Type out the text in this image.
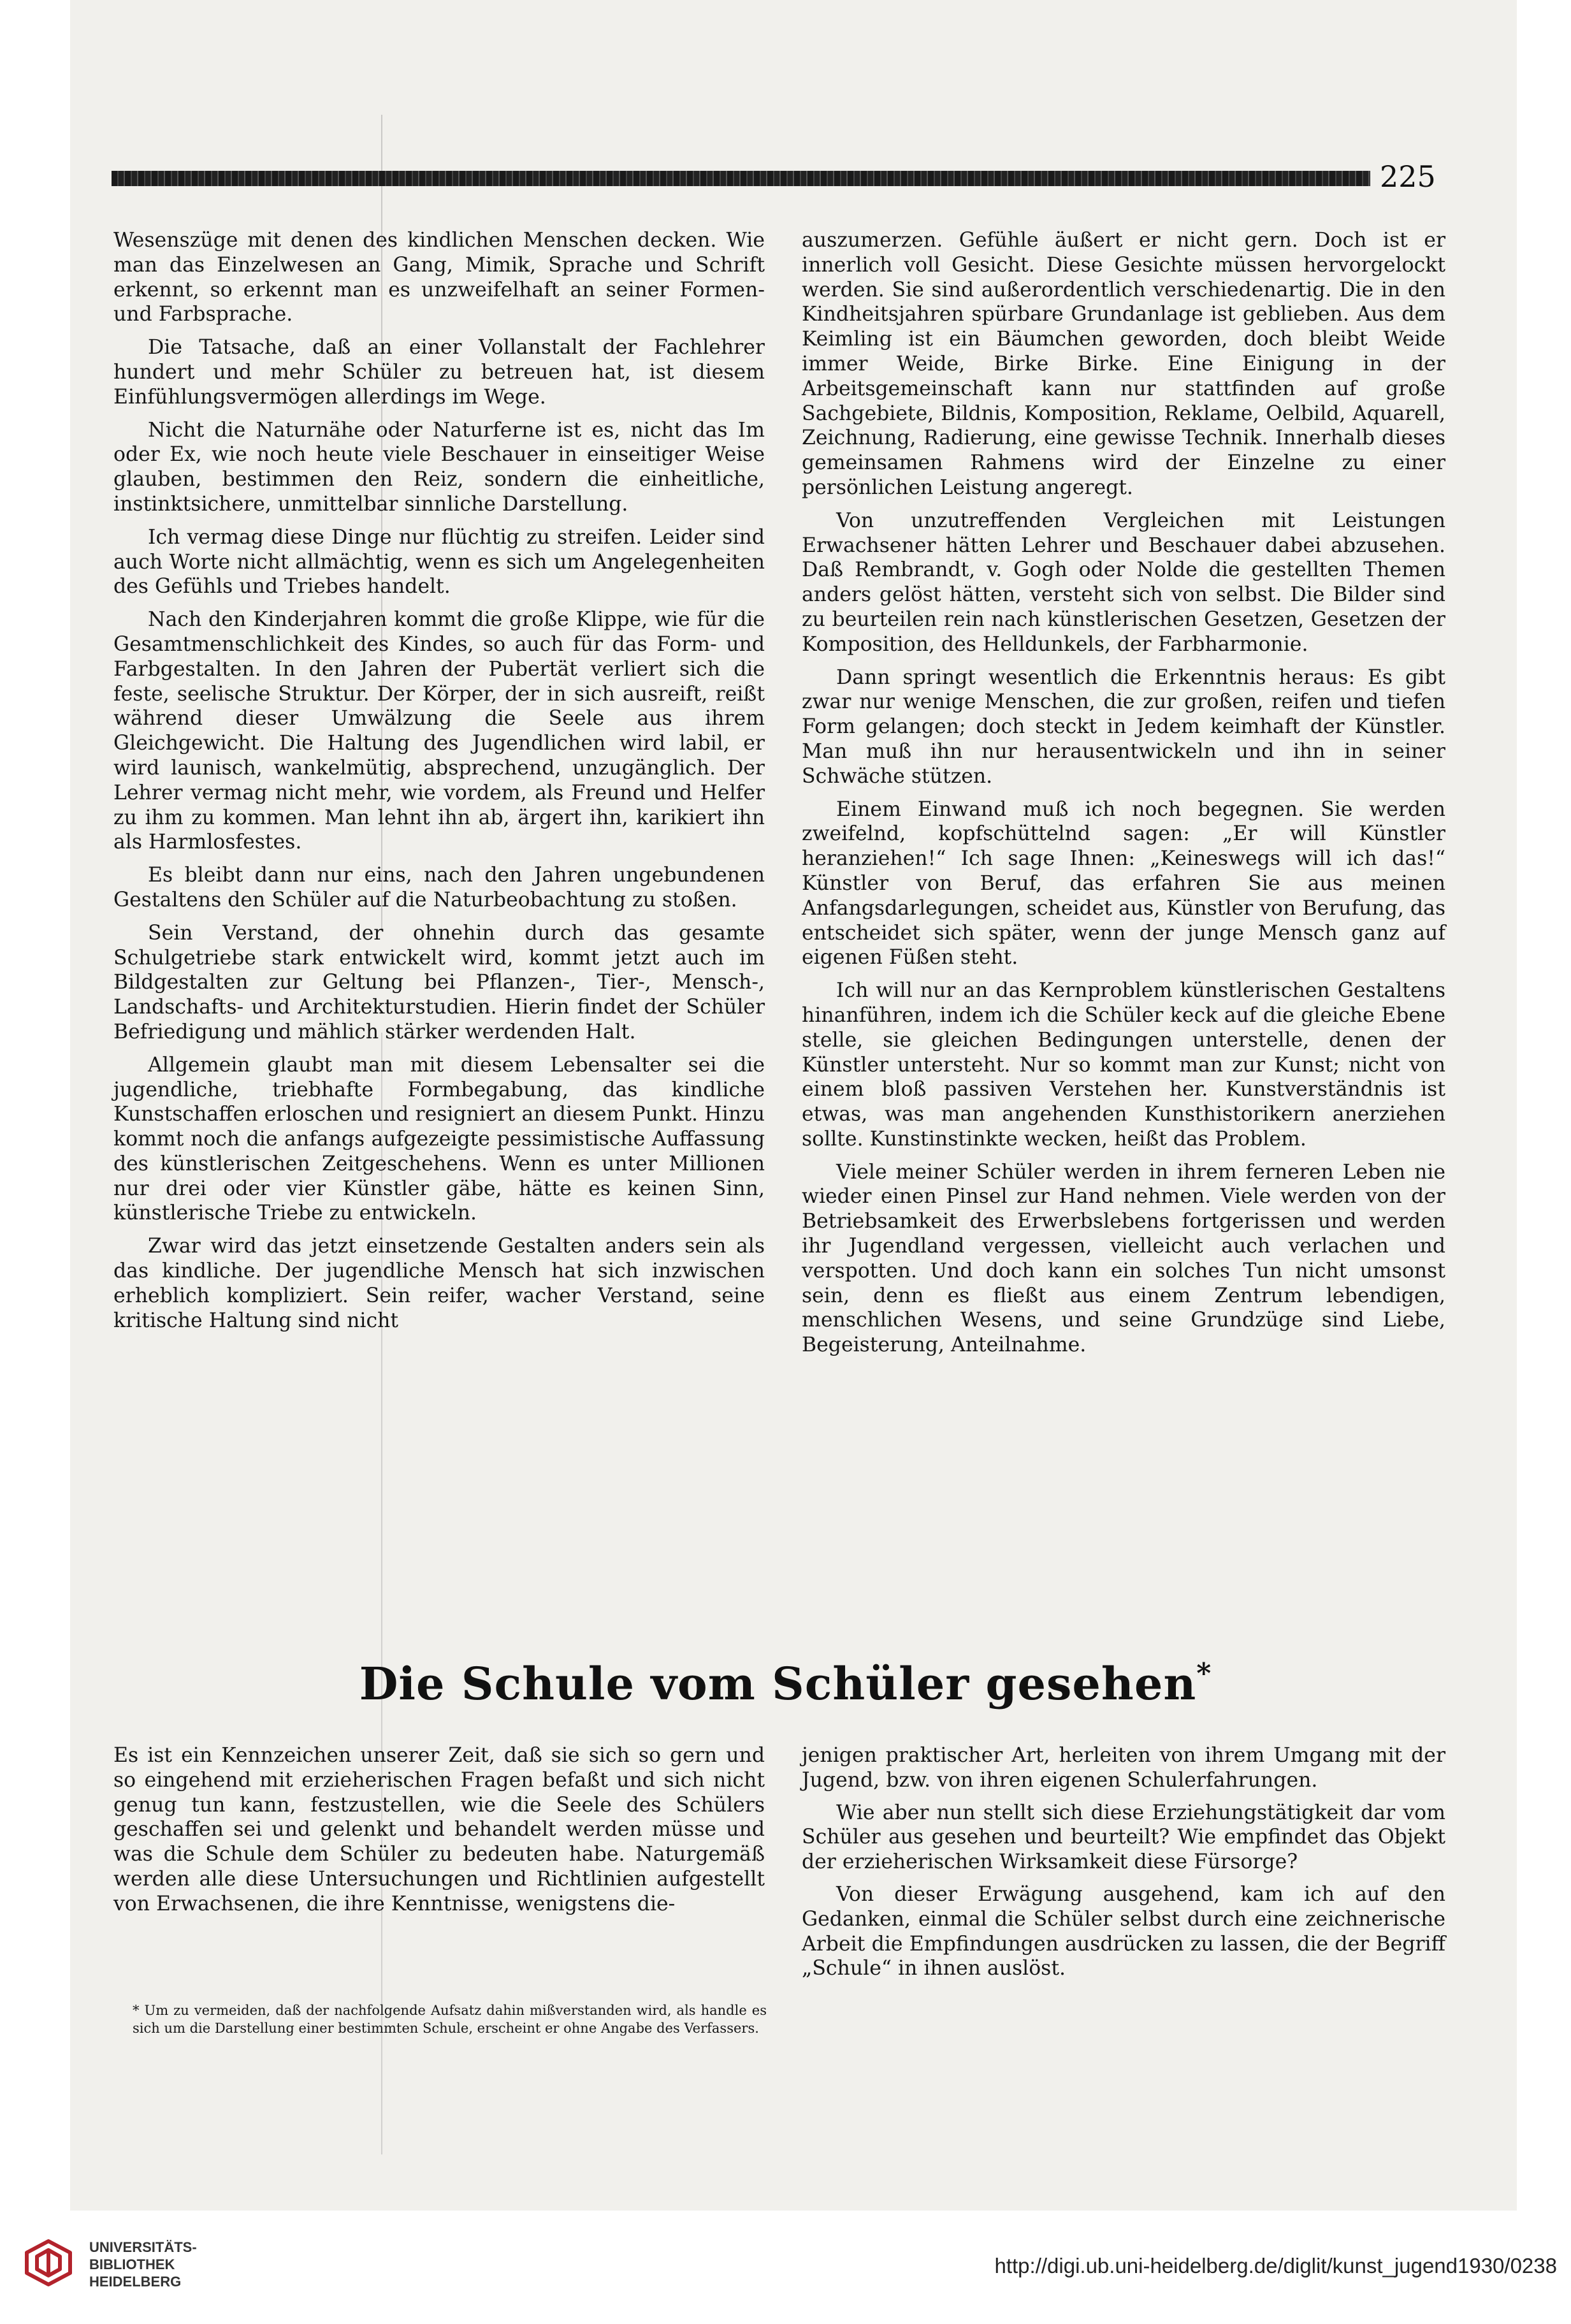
225

Wesenszüge mit denen des kindlichen Menschen decken. Wie man das Einzelwesen an Gang, Mimik, Sprache und Schrift erkennt, so erkennt man es unzweifelhaft an seiner Formen- und Farbsprache.

Die Tatsache, daß an einer Vollanstalt der Fachlehrer hundert und mehr Schüler zu betreuen hat, ist diesem Einfühlungsvermögen allerdings im Wege.

Nicht die Naturnähe oder Naturferne ist es, nicht das Im oder Ex, wie noch heute viele Beschauer in einseitiger Weise glauben, bestimmen den Reiz, sondern die einheitliche, instinktsichere, unmittelbar sinnliche Darstellung.

Ich vermag diese Dinge nur flüchtig zu streifen. Leider sind auch Worte nicht allmächtig, wenn es sich um Angelegenheiten des Gefühls und Triebes handelt.

Nach den Kinderjahren kommt die große Klippe, wie für die Gesamtmenschlichkeit des Kindes, so auch für das Form- und Farbgestalten. In den Jahren der Pubertät verliert sich die feste, seelische Struktur. Der Körper, der in sich ausreift, reißt während dieser Umwälzung die Seele aus ihrem Gleichgewicht. Die Haltung des Jugendlichen wird labil, er wird launisch, wankelmütig, absprechend, unzugänglich. Der Lehrer vermag nicht mehr, wie vordem, als Freund und Helfer zu ihm zu kommen. Man lehnt ihn ab, ärgert ihn, karikiert ihn als Harmlosfestes.

Es bleibt dann nur eins, nach den Jahren ungebundenen Gestaltens den Schüler auf die Naturbeobachtung zu stoßen.

Sein Verstand, der ohnehin durch das gesamte Schulgetriebe stark entwickelt wird, kommt jetzt auch im Bildgestalten zur Geltung bei Pflanzen-, Tier-, Mensch-, Landschafts- und Architekturstudien. Hierin findet der Schüler Befriedigung und mählich stärker werdenden Halt.

Allgemein glaubt man mit diesem Lebensalter sei die jugendliche, triebhafte Formbegabung, das kindliche Kunstschaffen erloschen und resigniert an diesem Punkt. Hinzu kommt noch die anfangs aufgezeigte pessimistische Auffassung des künstlerischen Zeitgeschehens. Wenn es unter Millionen nur drei oder vier Künstler gäbe, hätte es keinen Sinn, künstlerische Triebe zu entwickeln.

Zwar wird das jetzt einsetzende Gestalten anders sein als das kindliche. Der jugendliche Mensch hat sich inzwischen erheblich kompliziert. Sein reifer, wacher Verstand, seine kritische Haltung sind nicht

auszumerzen. Gefühle äußert er nicht gern. Doch ist er innerlich voll Gesicht. Diese Gesichte müssen hervorgelockt werden. Sie sind außerordentlich verschiedenartig. Die in den Kindheitsjahren spürbare Grundanlage ist geblieben. Aus dem Keimling ist ein Bäumchen geworden, doch bleibt Weide immer Weide, Birke Birke. Eine Einigung in der Arbeitsgemeinschaft kann nur stattfinden auf große Sachgebiete, Bildnis, Komposition, Reklame, Oelbild, Aquarell, Zeichnung, Radierung, eine gewisse Technik. Innerhalb dieses gemeinsamen Rahmens wird der Einzelne zu einer persönlichen Leistung angeregt.

Von unzutreffenden Vergleichen mit Leistungen Erwachsener hätten Lehrer und Beschauer dabei abzusehen. Daß Rembrandt, v. Gogh oder Nolde die gestellten Themen anders gelöst hätten, versteht sich von selbst. Die Bilder sind zu beurteilen rein nach künstlerischen Gesetzen, Gesetzen der Komposition, des Helldunkels, der Farbharmonie.

Dann springt wesentlich die Erkenntnis heraus: Es gibt zwar nur wenige Menschen, die zur großen, reifen und tiefen Form gelangen; doch steckt in Jedem keimhaft der Künstler. Man muß ihn nur herausentwickeln und ihn in seiner Schwäche stützen.

Einem Einwand muß ich noch begegnen. Sie werden zweifelnd, kopfschüttelnd sagen: „Er will Künstler heranziehen!“ Ich sage Ihnen: „Keineswegs will ich das!“ Künstler von Beruf, das erfahren Sie aus meinen Anfangsdarlegungen, scheidet aus, Künstler von Berufung, das entscheidet sich später, wenn der junge Mensch ganz auf eigenen Füßen steht.

Ich will nur an das Kernproblem künstlerischen Gestaltens hinanführen, indem ich die Schüler keck auf die gleiche Ebene stelle, sie gleichen Bedingungen unterstelle, denen der Künstler untersteht. Nur so kommt man zur Kunst; nicht von einem bloß passiven Verstehen her. Kunstverständnis ist etwas, was man angehenden Kunsthistorikern anerziehen sollte. Kunstinstinkte wecken, heißt das Problem.

Viele meiner Schüler werden in ihrem ferneren Leben nie wieder einen Pinsel zur Hand nehmen. Viele werden von der Betriebsamkeit des Erwerbslebens fortgerissen und werden ihr Jugendland vergessen, vielleicht auch verlachen und verspotten. Und doch kann ein solches Tun nicht umsonst sein, denn es fließt aus einem Zentrum lebendigen, menschlichen Wesens, und seine Grundzüge sind Liebe, Begeisterung, Anteilnahme.

Die Schule vom Schüler gesehen*

Es ist ein Kennzeichen unserer Zeit, daß sie sich so gern und so eingehend mit erzieherischen Fragen befaßt und sich nicht genug tun kann, festzustellen, wie die Seele des Schülers geschaffen sei und gelenkt und behandelt werden müsse und was die Schule dem Schüler zu bedeuten habe. Naturgemäß werden alle diese Untersuchungen und Richtlinien aufgestellt von Erwachsenen, die ihre Kenntnisse, wenigstens die-

jenigen praktischer Art, herleiten von ihrem Umgang mit der Jugend, bzw. von ihren eigenen Schulerfahrungen.

Wie aber nun stellt sich diese Erziehungstätigkeit dar vom Schüler aus gesehen und beurteilt? Wie empfindet das Objekt der erzieherischen Wirksamkeit diese Fürsorge?

Von dieser Erwägung ausgehend, kam ich auf den Gedanken, einmal die Schüler selbst durch eine zeichnerische Arbeit die Empfindungen ausdrücken zu lassen, die der Begriff „Schule“ in ihnen auslöst.

* Um zu vermeiden, daß der nachfolgende Aufsatz dahin mißverstanden wird, als handle es sich um die Darstellung einer bestimmten Schule, erscheint er ohne Angabe des Verfassers.
UNIVERSITÄTS-
BIBLIOTHEK
HEIDELBERG
http://digi.ub.uni-heidelberg.de/diglit/kunst_jugend1930/0238
